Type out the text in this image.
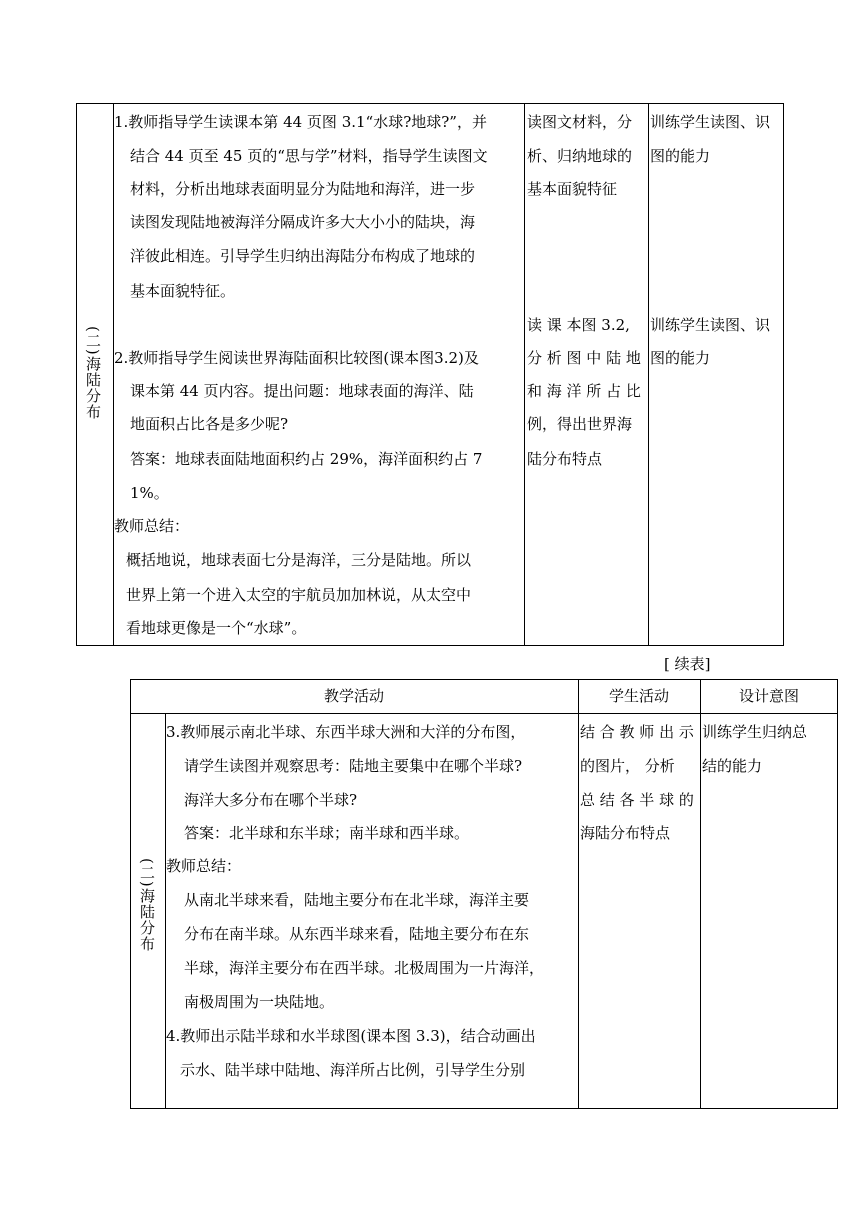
(二)海陆分布
1.教师指导学生读课本第 44 页图 3.1“水球?地球?”，并
结合 44 页至 45 页的“思与学”材料，指导学生读图文
材料，分析出地球表面明显分为陆地和海洋，进一步
读图发现陆地被海洋分隔成许多大大小小的陆块，海
洋彼此相连。引导学生归纳出海陆分布构成了地球的
基本面貌特征。
2.教师指导学生阅读世界海陆面积比较图(课本图3.2)及
课本第 44 页内容。提出问题：地球表面的海洋、陆
地面积占比各是多少呢?
答案：地球表面陆地面积约占 29%，海洋面积约占 7
1%。
教师总结：
概括地说，地球表面七分是海洋，三分是陆地。所以
世界上第一个进入太空的宇航员加加林说，从太空中
看地球更像是一个“水球”。
读图文材料，分
析、归纳地球的
基本面貌特征
读 课 本图 3.2,
分 析 图 中 陆 地
和 海 洋 所 占 比
例，得出世界海
陆分布特点
训练学生读图、识
图的能力
训练学生读图、识
图的能力
[ 续表]
教学活动	学生活动	设计意图
(二)海陆分布
3.教师展示南北半球、东西半球大洲和大洋的分布图，
请学生读图并观察思考：陆地主要集中在哪个半球?
海洋大多分布在哪个半球?
答案：北半球和东半球；南半球和西半球。
教师总结：
从南北半球来看，陆地主要分布在北半球，海洋主要
分布在南半球。从东西半球来看，陆地主要分布在东
半球，海洋主要分布在西半球。北极周围为一片海洋，
南极周围为一块陆地。
4.教师出示陆半球和水半球图(课本图 3.3)，结合动画出
示水、陆半球中陆地、海洋所占比例，引导学生分别
结 合 教 师 出 示
的图片， 分析
总 结 各 半 球 的
海陆分布特点
训练学生归纳总
结的能力
